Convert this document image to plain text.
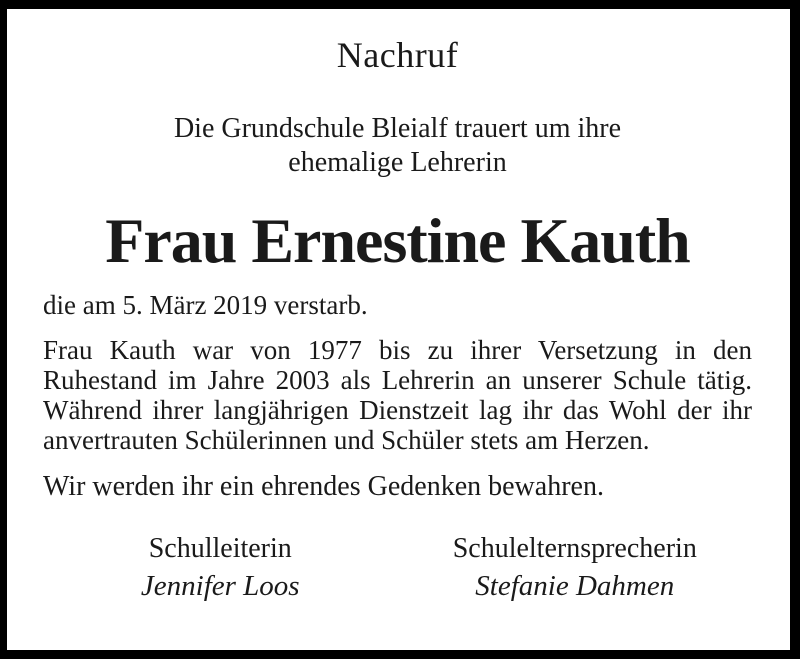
Nachruf
Die Grundschule Bleialf trauert um ihre
ehemalige Lehrerin
Frau Ernestine Kauth
die am 5. März 2019 verstarb.
Frau Kauth war von 1977 bis zu ihrer Versetzung in den Ruhestand im Jahre 2003 als Lehrerin an unserer Schule tätig. Während ihrer langjährigen Dienstzeit lag ihr das Wohl der ihr anvertrauten Schülerinnen und Schüler stets am Herzen.
Wir werden ihr ein ehrendes Gedenken bewahren.
Schulleiterin
Jennifer Loos
Schulelternsprecherin
Stefanie Dahmen
